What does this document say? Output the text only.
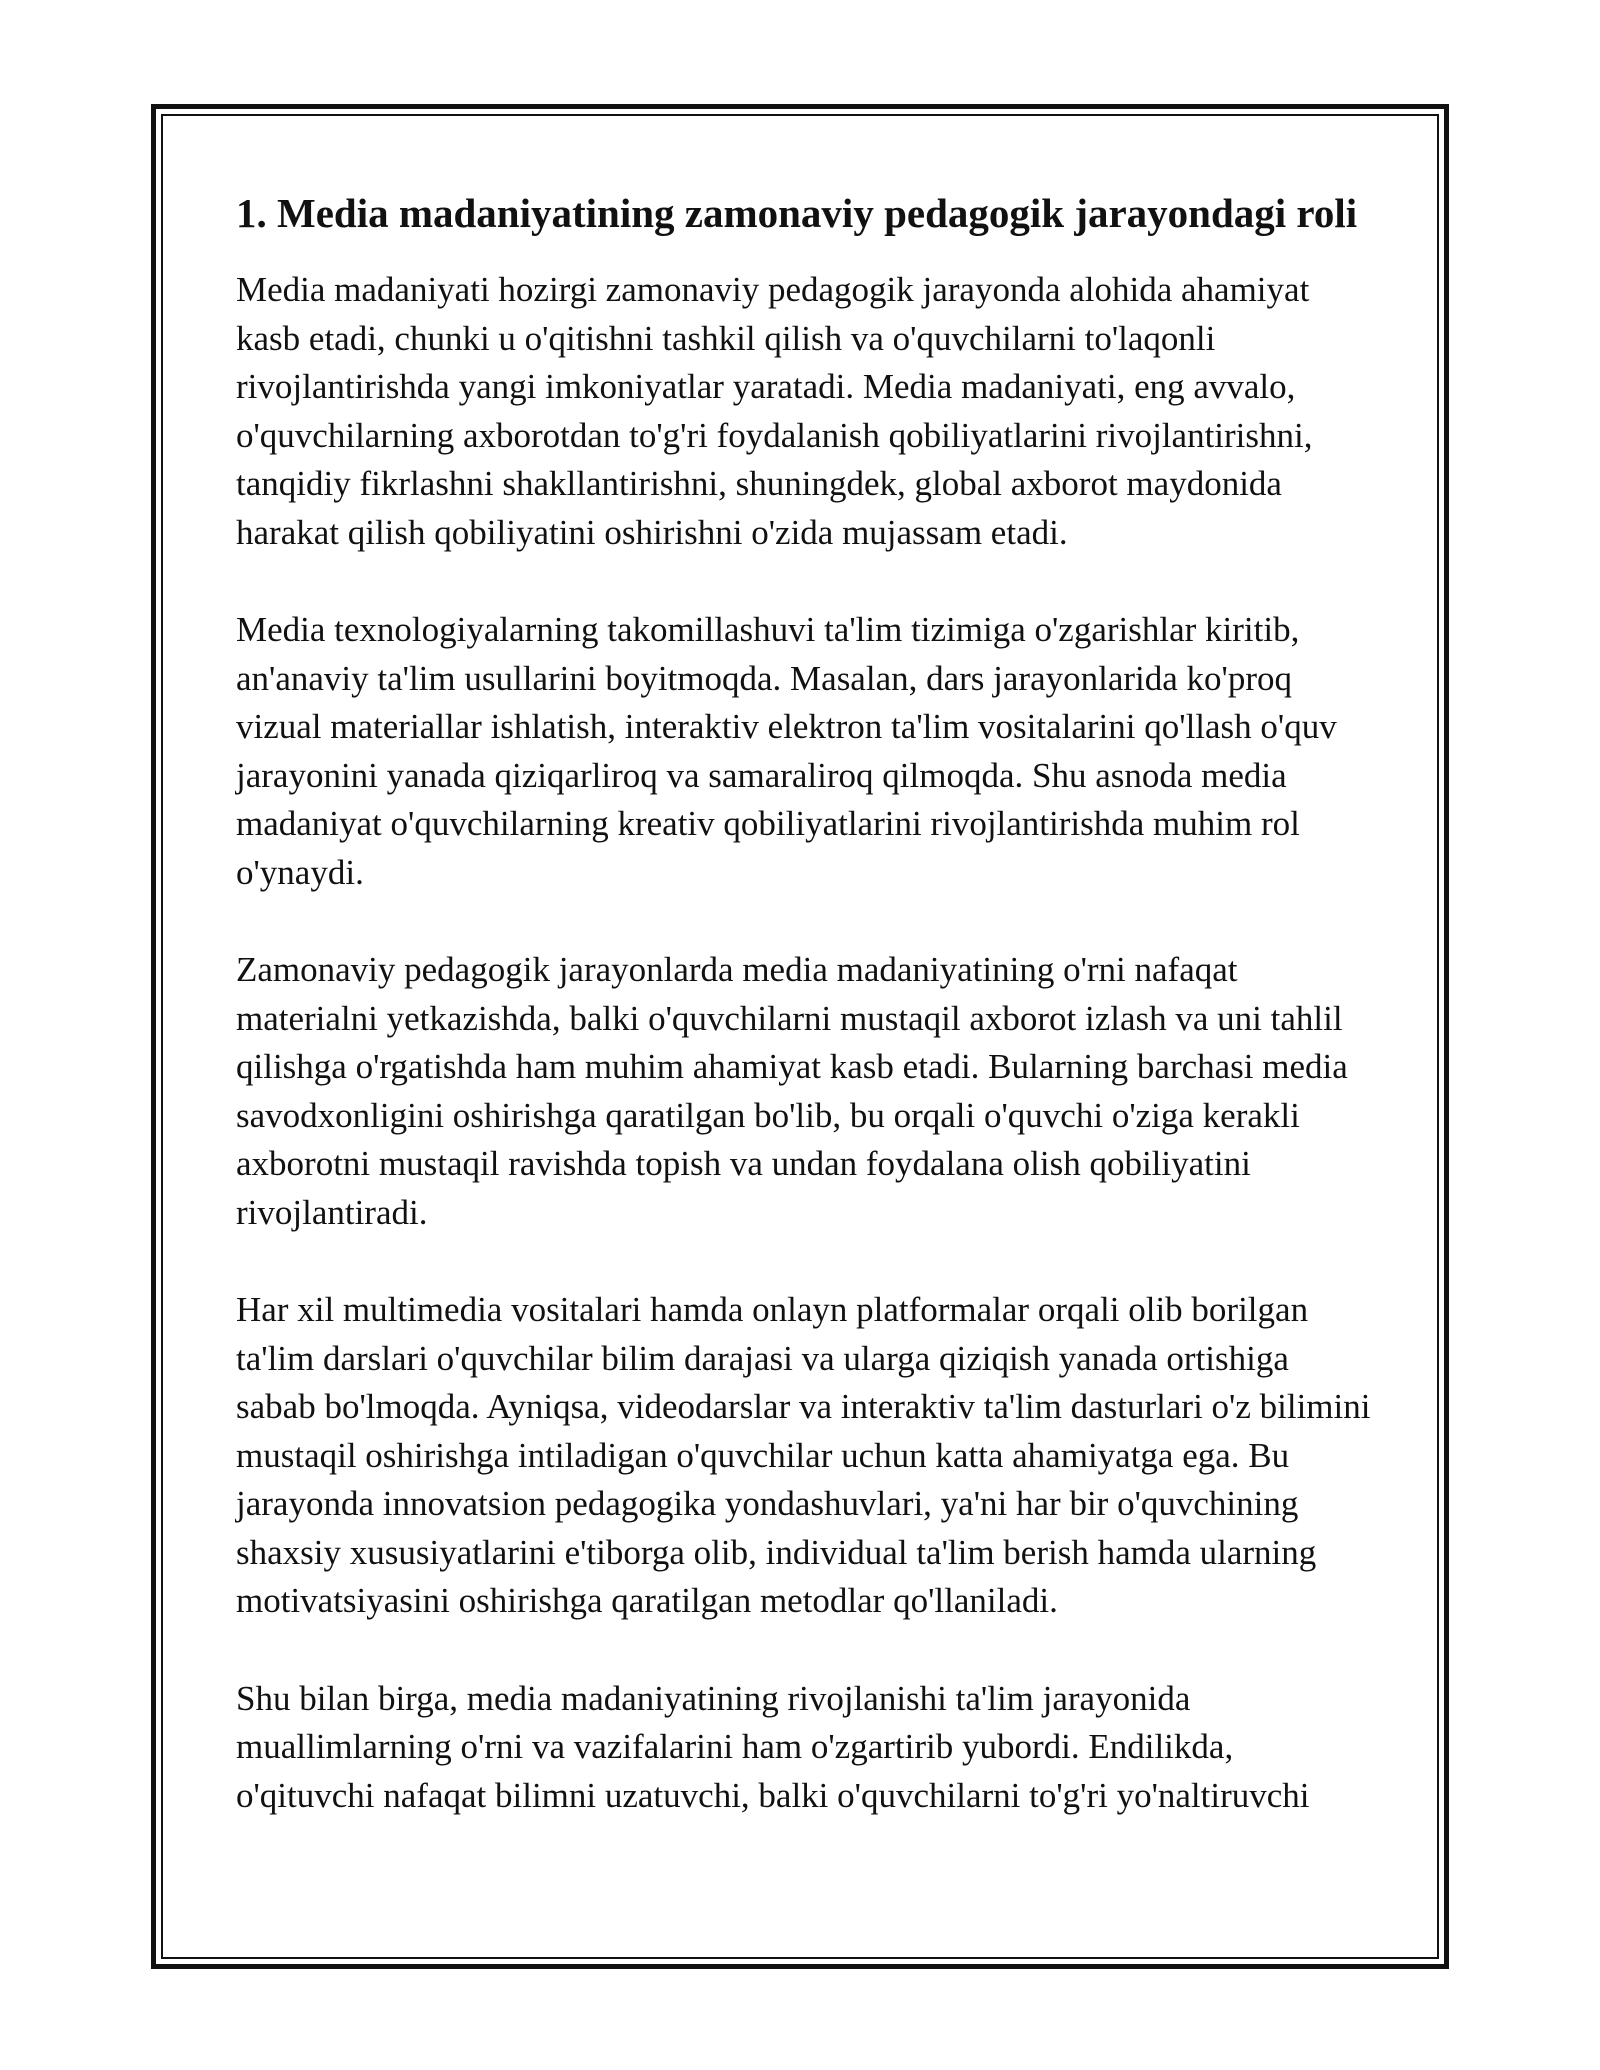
1. Media madaniyatining zamonaviy pedagogik jarayondagi roli

Media madaniyati hozirgi zamonaviy pedagogik jarayonda alohida ahamiyat kasb etadi, chunki u o'qitishni tashkil qilish va o'quvchilarni to'laqonli rivojlantirishda yangi imkoniyatlar yaratadi. Media madaniyati, eng avvalo, o'quvchilarning axborotdan to'g'ri foydalanish qobiliyatlarini rivojlantirishni, tanqidiy fikrlashni shakllantirishni, shuningdek, global axborot maydonida harakat qilish qobiliyatini oshirishni o'zida mujassam etadi.

Media texnologiyalarning takomillashuvi ta'lim tizimiga o'zgarishlar kiritib, an'anaviy ta'lim usullarini boyitmoqda. Masalan, dars jarayonlarida ko'proq vizual materiallar ishlatish, interaktiv elektron ta'lim vositalarini qo'llash o'quv jarayonini yanada qiziqarliroq va samaraliroq qilmoqda. Shu asnoda media madaniyat o'quvchilarning kreativ qobiliyatlarini rivojlantirishda muhim rol o'ynaydi.

Zamonaviy pedagogik jarayonlarda media madaniyatining o'rni nafaqat materialni yetkazishda, balki o'quvchilarni mustaqil axborot izlash va uni tahlil qilishga o'rgatishda ham muhim ahamiyat kasb etadi. Bularning barchasi media savodxonligini oshirishga qaratilgan bo'lib, bu orqali o'quvchi o'ziga kerakli axborotni mustaqil ravishda topish va undan foydalana olish qobiliyatini rivojlantiradi.

Har xil multimedia vositalari hamda onlayn platformalar orqali olib borilgan ta'lim darslari o'quvchilar bilim darajasi va ularga qiziqish yanada ortishiga sabab bo'lmoqda. Ayniqsa, videodarslar va interaktiv ta'lim dasturlari o'z bilimini mustaqil oshirishga intiladigan o'quvchilar uchun katta ahamiyatga ega. Bu jarayonda innovatsion pedagogika yondashuvlari, ya'ni har bir o'quvchining shaxsiy xususiyatlarini e'tiborga olib, individual ta'lim berish hamda ularning motivatsiyasini oshirishga qaratilgan metodlar qo'llaniladi.

Shu bilan birga, media madaniyatining rivojlanishi ta'lim jarayonida muallimlarning o'rni va vazifalarini ham o'zgartirib yubordi. Endilikda, o'qituvchi nafaqat bilimni uzatuvchi, balki o'quvchilarni to'g'ri yo'naltiruvchi
